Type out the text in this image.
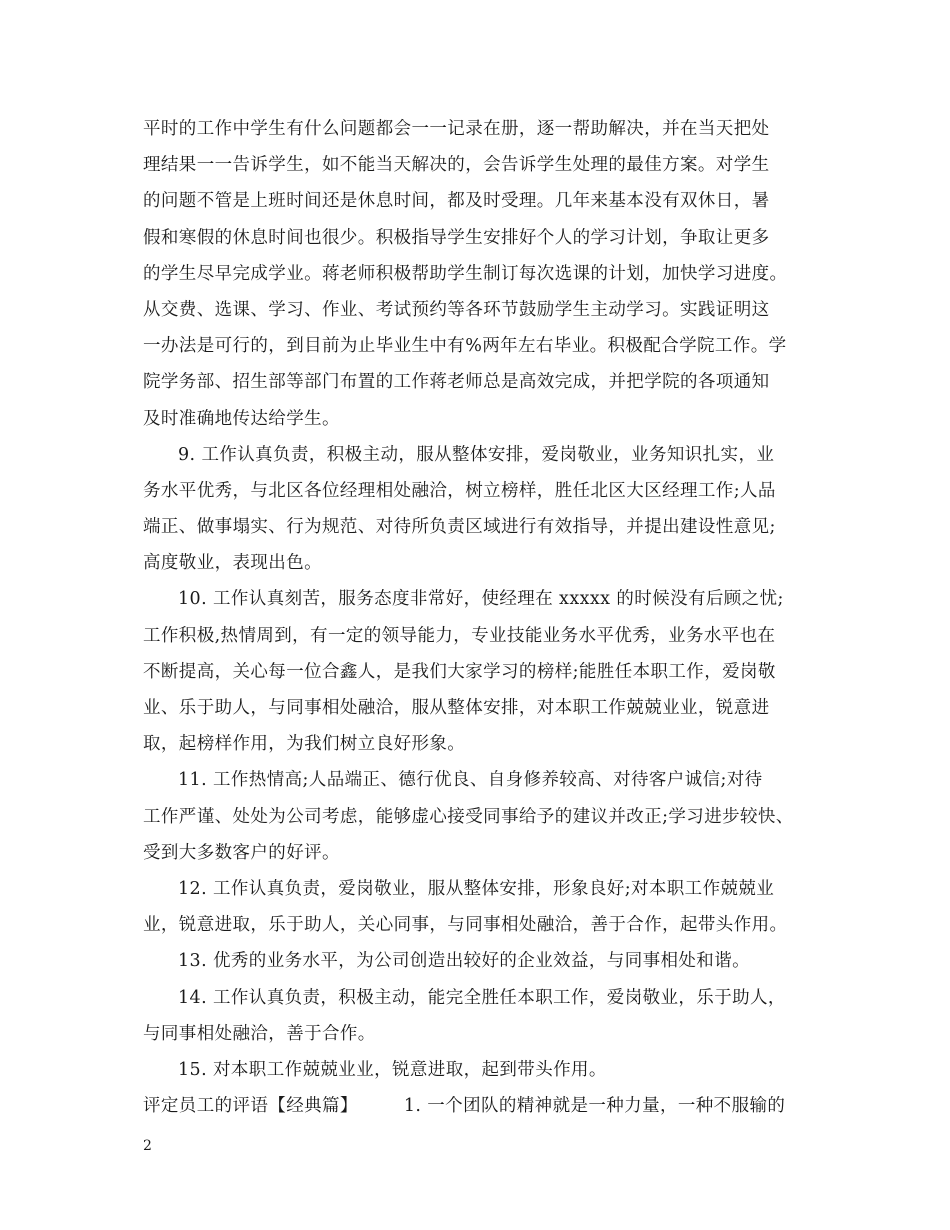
平时的工作中学生有什么问题都会一一记录在册，逐一帮助解决，并在当天把处
理结果一一告诉学生，如不能当天解决的，会告诉学生处理的最佳方案。对学生
的问题不管是上班时间还是休息时间，都及时受理。几年来基本没有双休日，暑
假和寒假的休息时间也很少。积极指导学生安排好个人的学习计划，争取让更多
的学生尽早完成学业。蒋老师积极帮助学生制订每次选课的计划，加快学习进度。
从交费、选课、学习、作业、考试预约等各环节鼓励学生主动学习。实践证明这
一办法是可行的，到目前为止毕业生中有%两年左右毕业。积极配合学院工作。学
院学务部、招生部等部门布置的工作蒋老师总是高效完成，并把学院的各项通知
及时准确地传达给学生。
9. 工作认真负责，积极主动，服从整体安排，爱岗敬业，业务知识扎实，业
务水平优秀，与北区各位经理相处融洽，树立榜样，胜任北区大区经理工作;人品
端正、做事塌实、行为规范、对待所负责区域进行有效指导，并提出建设性意见;
高度敬业，表现出色。
10. 工作认真刻苦，服务态度非常好，使经理在 xxxxx 的时候没有后顾之忧;
工作积极,热情周到，有一定的领导能力，专业技能业务水平优秀，业务水平也在
不断提高，关心每一位合鑫人，是我们大家学习的榜样;能胜任本职工作，爱岗敬
业、乐于助人，与同事相处融洽，服从整体安排，对本职工作兢兢业业，锐意进
取，起榜样作用，为我们树立良好形象。
11. 工作热情高;人品端正、德行优良、自身修养较高、对待客户诚信;对待
工作严谨、处处为公司考虑，能够虚心接受同事给予的建议并改正;学习进步较快、
受到大多数客户的好评。
12. 工作认真负责，爱岗敬业，服从整体安排，形象良好;对本职工作兢兢业
业，锐意进取，乐于助人，关心同事，与同事相处融洽，善于合作，起带头作用。
13. 优秀的业务水平，为公司创造出较好的企业效益，与同事相处和谐。
14. 工作认真负责，积极主动，能完全胜任本职工作，爱岗敬业，乐于助人，
与同事相处融洽，善于合作。
15. 对本职工作兢兢业业，锐意进取，起到带头作用。
评定员工的评语【经典篇】	1. 一个团队的精神就是一种力量，一种不服输的
2
